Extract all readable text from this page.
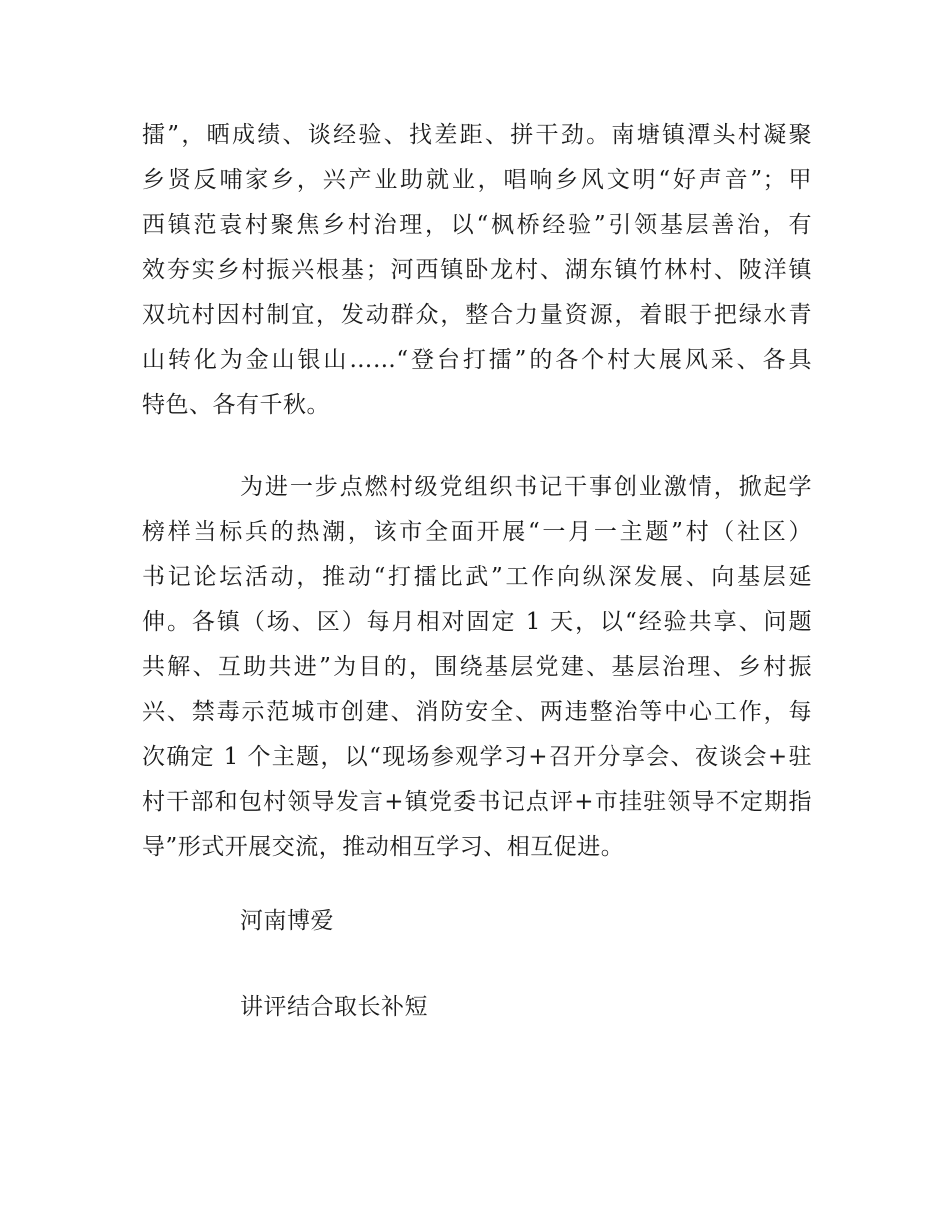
擂”，晒成绩、谈经验、找差距、拼干劲。南塘镇潭头村凝聚
乡贤反哺家乡，兴产业助就业，唱响乡风文明“好声音”；甲
西镇范袁村聚焦乡村治理，以“枫桥经验”引领基层善治，有
效夯实乡村振兴根基；河西镇卧龙村、湖东镇竹林村、陂洋镇
双坑村因村制宜，发动群众，整合力量资源，着眼于把绿水青
山转化为金山银山……“登台打擂”的各个村大展风采、各具
特色、各有千秋。
为进一步点燃村级党组织书记干事创业激情，掀起学
榜样当标兵的热潮，该市全面开展“一月一主题”村（社区）
书记论坛活动，推动“打擂比武”工作向纵深发展、向基层延
伸。各镇（场、区）每月相对固定 1 天，以“经验共享、问题
共解、互助共进”为目的，围绕基层党建、基层治理、乡村振
兴、禁毒示范城市创建、消防安全、两违整治等中心工作，每
次确定 1 个主题，以“现场参观学习+召开分享会、夜谈会+驻
村干部和包村领导发言+镇党委书记点评+市挂驻领导不定期指
导”形式开展交流，推动相互学习、相互促进。
河南博爱
讲评结合取长补短
